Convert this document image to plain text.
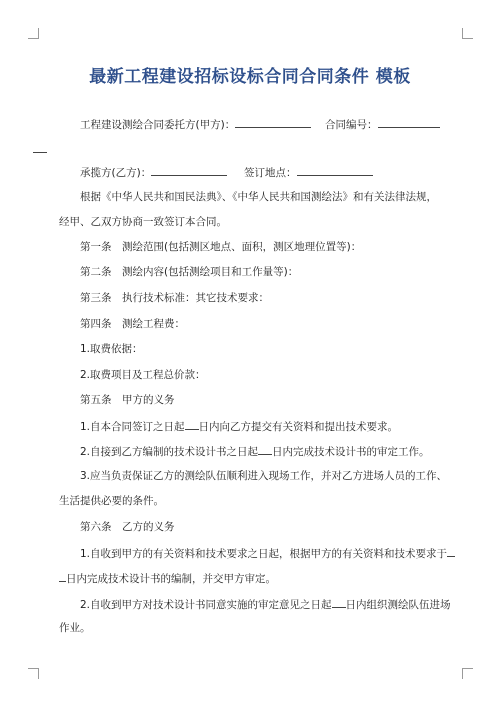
最新工程建设招标设标合同合同条件 模板
工程建设测绘合同委托方(甲方)：	合同编号：
承揽方(乙方)：	签订地点：
根据《中华人民共和国民法典》、《中华人民共和国测绘法》和有关法律法规，
经甲、乙双方协商一致签订本合同。
第一条　测绘范围(包括测区地点、面积，测区地理位置等)：
第二条　测绘内容(包括测绘项目和工作量等)：
第三条　执行技术标准：其它技术要求：
第四条　测绘工程费：
1.取费依据：
2.取费项目及工程总价款：
第五条　甲方的义务
1.自本合同签订之日起 日内向乙方提交有关资料和提出技术要求。
2.自接到乙方编制的技术设计书之日起 日内完成技术设计书的审定工作。
3.应当负责保证乙方的测绘队伍顺利进入现场工作，并对乙方进场人员的工作、
生活提供必要的条件。
第六条　乙方的义务
1.自收到甲方的有关资料和技术要求之日起，根据甲方的有关资料和技术要求于
日内完成技术设计书的编制，并交甲方审定。
2.自收到甲方对技术设计书同意实施的审定意见之日起 日内组织测绘队伍进场
作业。
